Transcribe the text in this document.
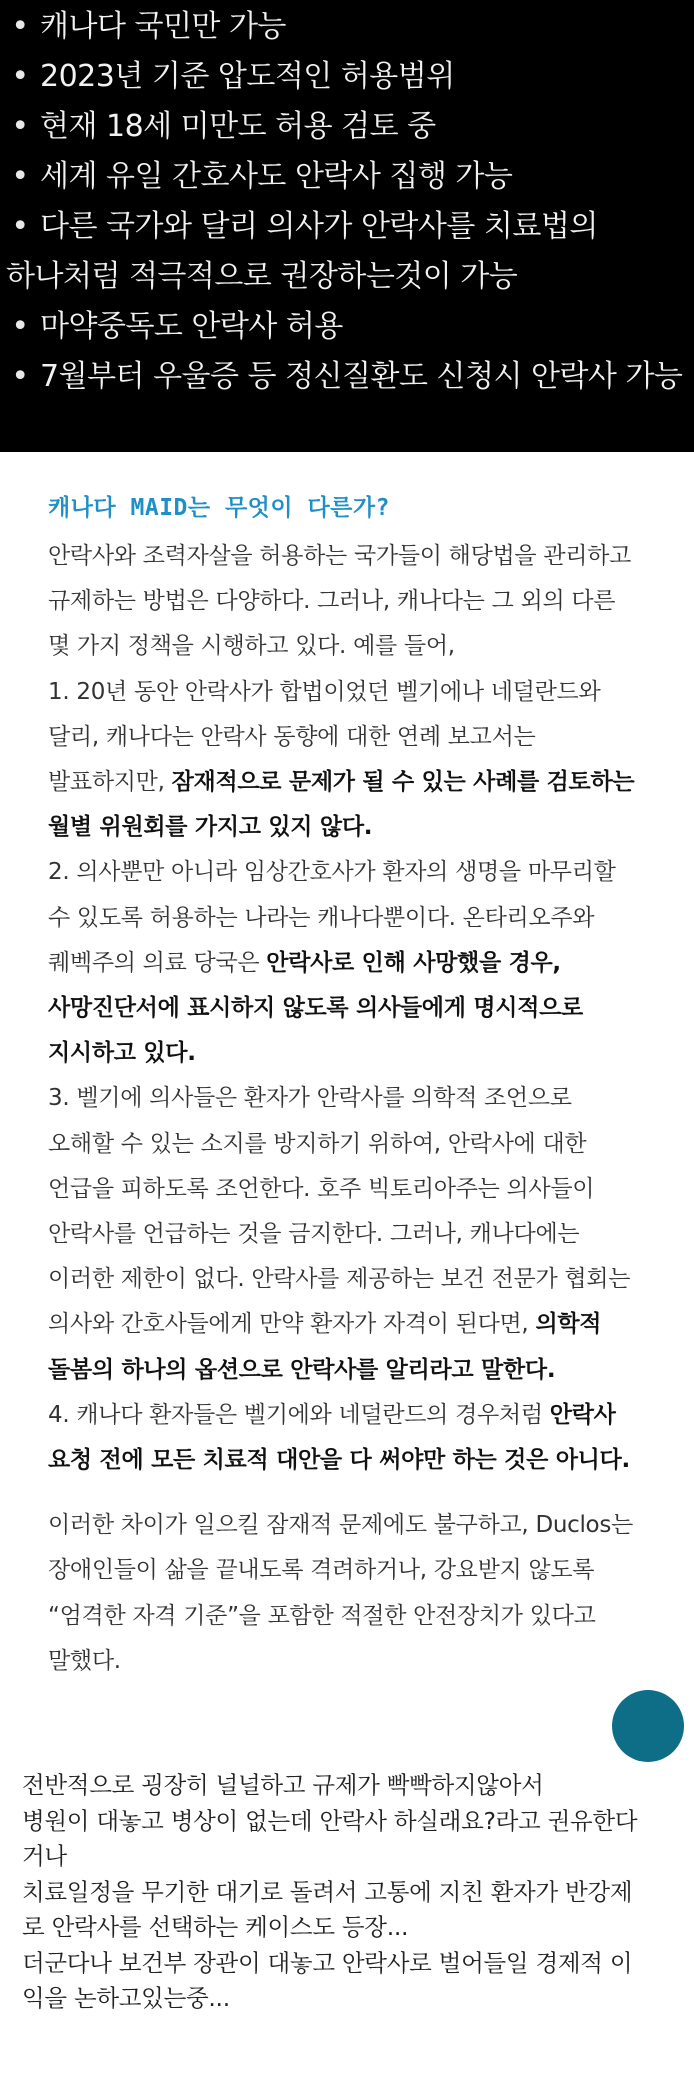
• 캐나다 국민만 가능
• 2023년 기준 압도적인 허용범위
• 현재 18세 미만도 허용 검토 중
• 세계 유일 간호사도 안락사 집행 가능
• 다른 국가와 달리 의사가 안락사를 치료법의
하나처럼 적극적으로 권장하는것이 가능
• 마약중독도 안락사 허용
• 7월부터 우울증 등 정신질환도 신청시 안락사 가능
캐나다 MAID는 무엇이 다른가?
안락사와 조력자살을 허용하는 국가들이 해당법을 관리하고
규제하는 방법은 다양하다. 그러나, 캐나다는 그 외의 다른
몇 가지 정책을 시행하고 있다. 예를 들어,
1. 20년 동안 안락사가 합법이었던 벨기에나 네덜란드와
달리, 캐나다는 안락사 동향에 대한 연례 보고서는
발표하지만, 잠재적으로 문제가 될 수 있는 사례를 검토하는
월별 위원회를 가지고 있지 않다.
2. 의사뿐만 아니라 임상간호사가 환자의 생명을 마무리할
수 있도록 허용하는 나라는 캐나다뿐이다. 온타리오주와
퀘벡주의 의료 당국은 안락사로 인해 사망했을 경우,
사망진단서에 표시하지 않도록 의사들에게 명시적으로
지시하고 있다.
3. 벨기에 의사들은 환자가 안락사를 의학적 조언으로
오해할 수 있는 소지를 방지하기 위하여, 안락사에 대한
언급을 피하도록 조언한다. 호주 빅토리아주는 의사들이
안락사를 언급하는 것을 금지한다. 그러나, 캐나다에는
이러한 제한이 없다. 안락사를 제공하는 보건 전문가 협회는
의사와 간호사들에게 만약 환자가 자격이 된다면, 의학적
돌봄의 하나의 옵션으로 안락사를 알리라고 말한다.
4. 캐나다 환자들은 벨기에와 네덜란드의 경우처럼 안락사
요청 전에 모든 치료적 대안을 다 써야만 하는 것은 아니다.
이러한 차이가 일으킬 잠재적 문제에도 불구하고, Duclos는
장애인들이 삶을 끝내도록 격려하거나, 강요받지 않도록
“엄격한 자격 기준”을 포함한 적절한 안전장치가 있다고
말했다.
전반적으로 굉장히 널널하고 규제가 빡빡하지않아서
병원이 대놓고 병상이 없는데 안락사 하실래요?라고 권유한다
거나
치료일정을 무기한 대기로 돌려서 고통에 지친 환자가 반강제
로 안락사를 선택하는 케이스도 등장...
더군다나 보건부 장관이 대놓고 안락사로 벌어들일 경제적 이
익을 논하고있는중...
